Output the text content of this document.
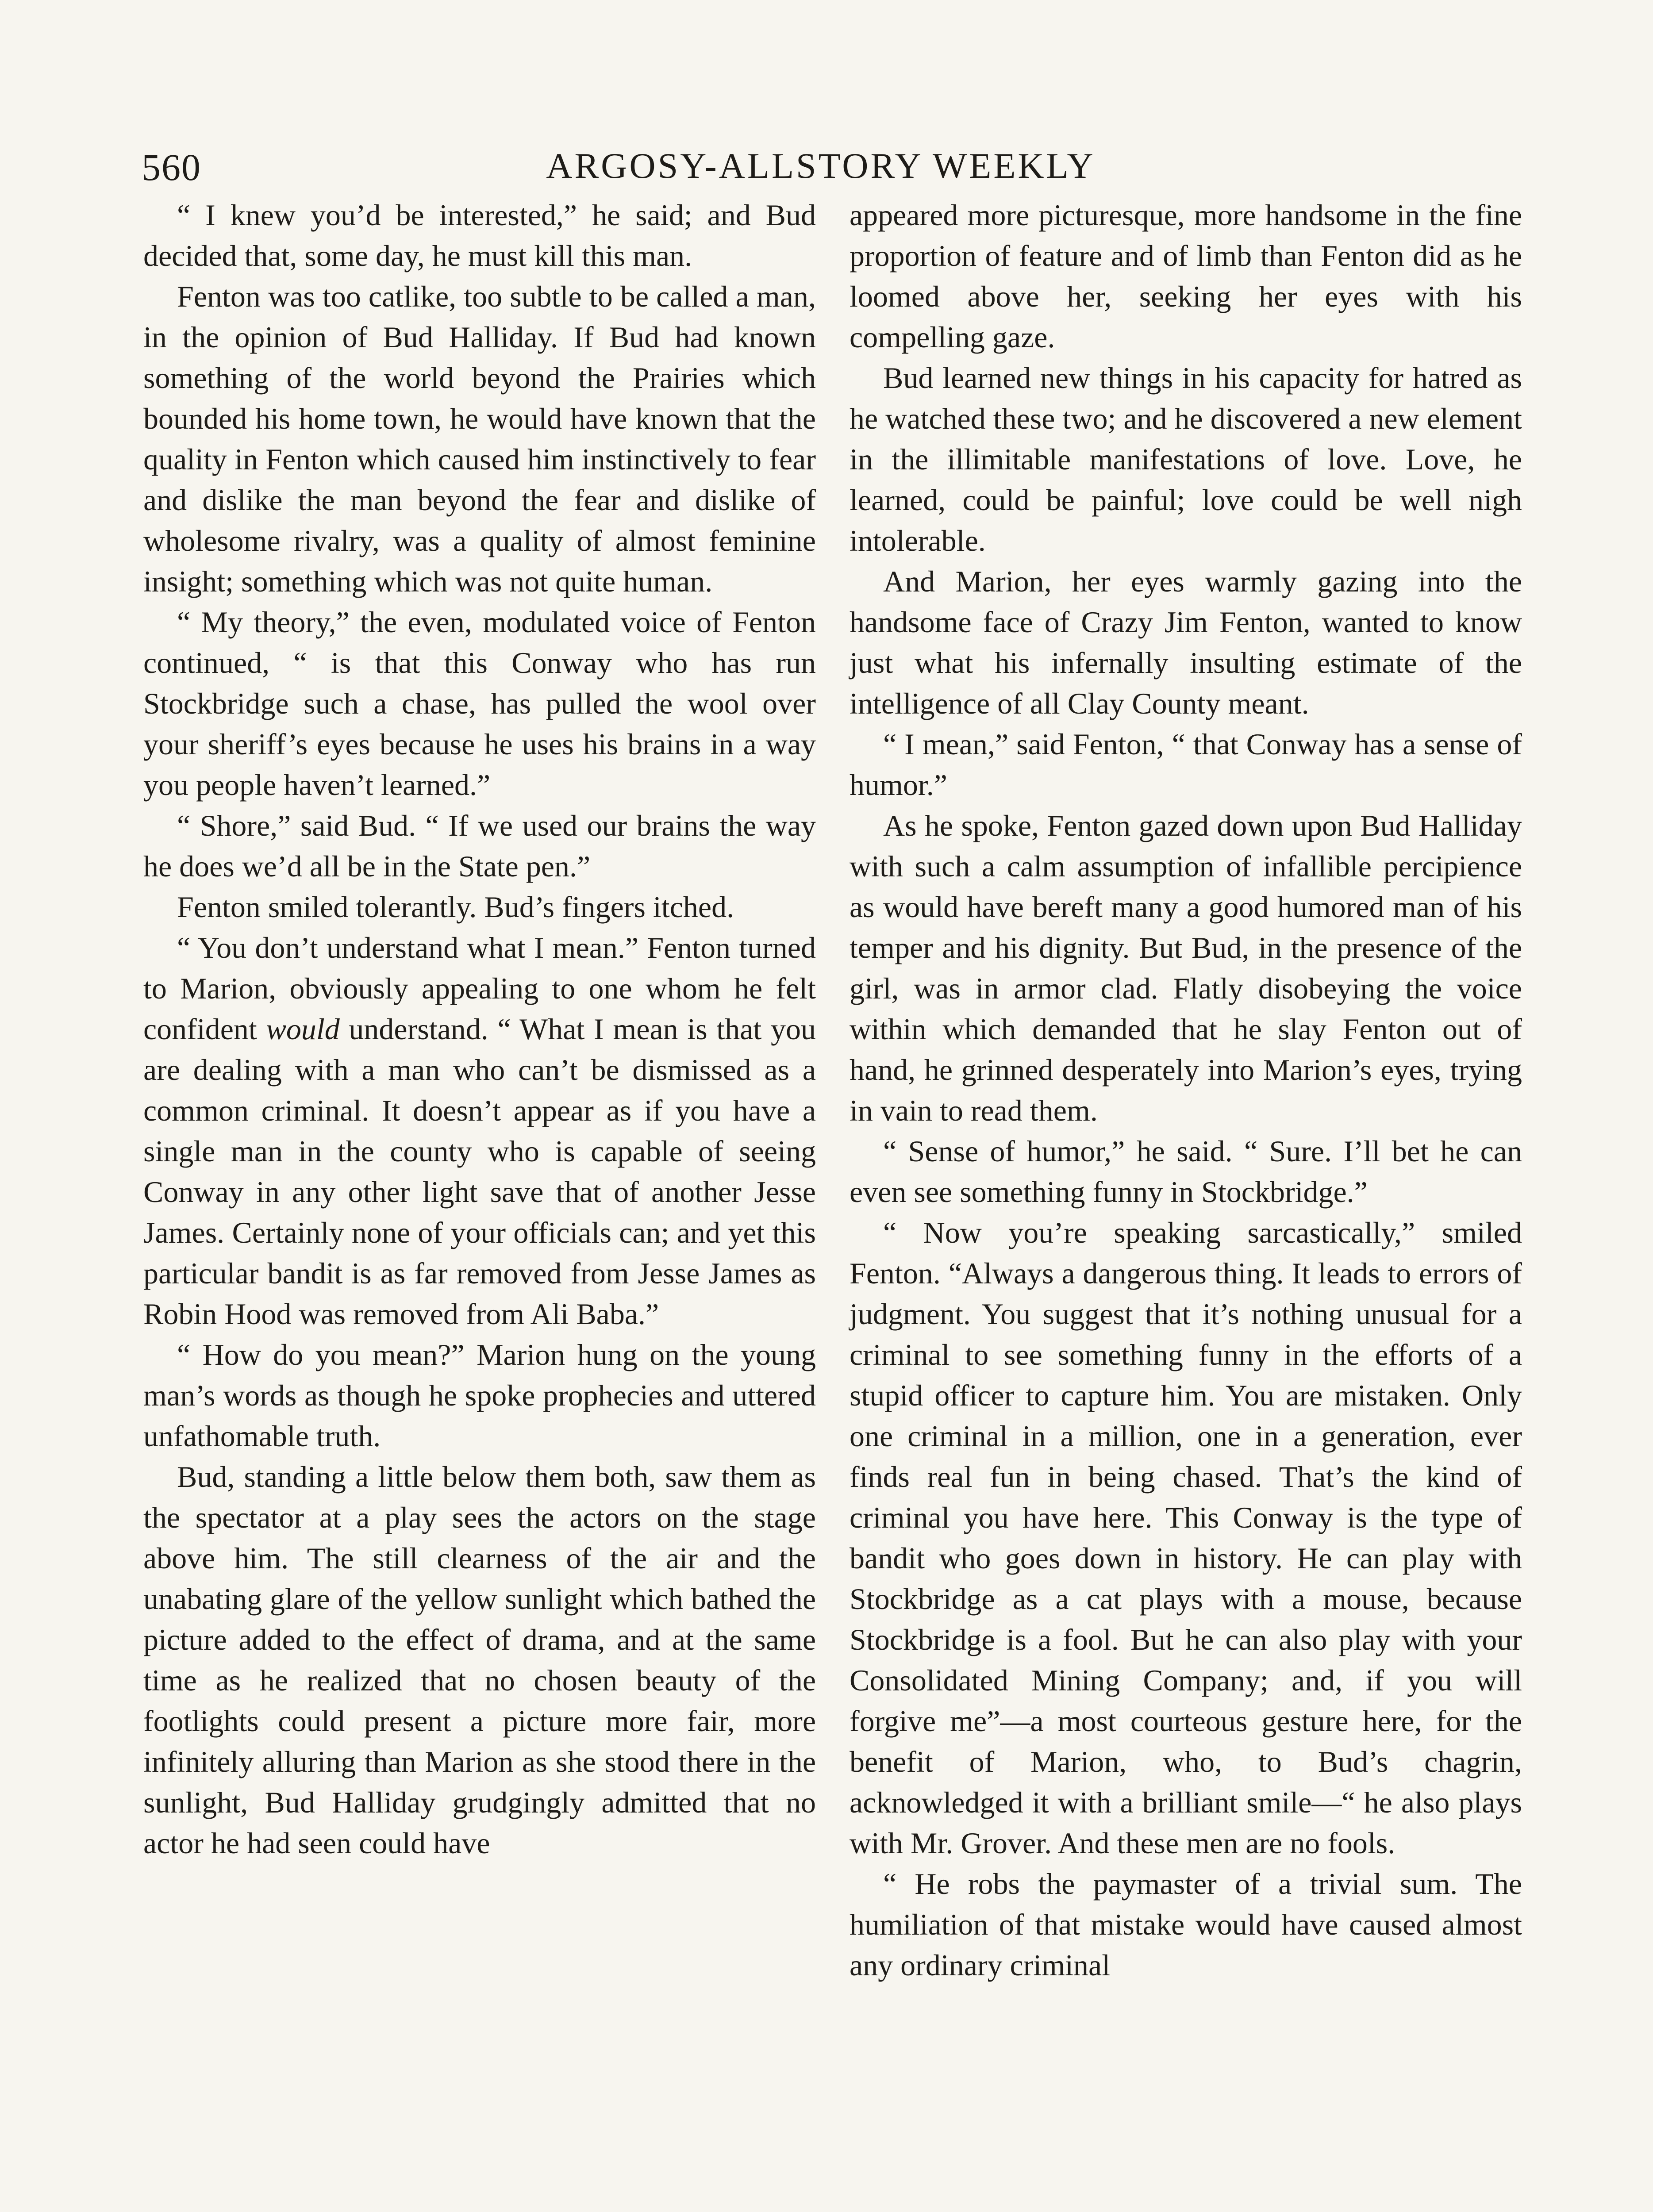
560	ARGOSY-ALLSTORY WEEKLY

“ I knew you’d be interested,” he said; and Bud decided that, some day, he must kill this man.

Fenton was too catlike, too subtle to be called a man, in the opinion of Bud Halliday. If Bud had known something of the world beyond the Prairies which bounded his home town, he would have known that the quality in Fenton which caused him instinctively to fear and dislike the man beyond the fear and dislike of wholesome rivalry, was a quality of almost feminine insight; something which was not quite human.

“ My theory,” the even, modulated voice of Fenton continued, “ is that this Conway who has run Stockbridge such a chase, has pulled the wool over your sheriff’s eyes because he uses his brains in a way you people haven’t learned.”

“ Shore,” said Bud. “ If we used our brains the way he does we’d all be in the State pen.”

Fenton smiled tolerantly. Bud’s fingers itched.

“ You don’t understand what I mean.” Fenton turned to Marion, obviously appealing to one whom he felt confident would understand. “ What I mean is that you are dealing with a man who can’t be dismissed as a common criminal. It doesn’t appear as if you have a single man in the county who is capable of seeing Conway in any other light save that of another Jesse James. Certainly none of your officials can; and yet this particular bandit is as far removed from Jesse James as Robin Hood was removed from Ali Baba.”

“ How do you mean?” Marion hung on the young man’s words as though he spoke prophecies and uttered unfathomable truth.

Bud, standing a little below them both, saw them as the spectator at a play sees the actors on the stage above him. The still clearness of the air and the unabating glare of the yellow sunlight which bathed the picture added to the effect of drama, and at the same time as he realized that no chosen beauty of the footlights could present a picture more fair, more infinitely alluring than Marion as she stood there in the sunlight, Bud Halliday grudgingly admitted that no actor he had seen could have

appeared more picturesque, more handsome in the fine proportion of feature and of limb than Fenton did as he loomed above her, seeking her eyes with his compelling gaze.

Bud learned new things in his capacity for hatred as he watched these two; and he discovered a new element in the illimitable manifestations of love. Love, he learned, could be painful; love could be well nigh intolerable.

And Marion, her eyes warmly gazing into the handsome face of Crazy Jim Fenton, wanted to know just what his infernally insulting estimate of the intelligence of all Clay County meant.

“ I mean,” said Fenton, “ that Conway has a sense of humor.”

As he spoke, Fenton gazed down upon Bud Halliday with such a calm assumption of infallible percipience as would have bereft many a good humored man of his temper and his dignity. But Bud, in the presence of the girl, was in armor clad. Flatly disobeying the voice within which demanded that he slay Fenton out of hand, he grinned desperately into Marion’s eyes, trying in vain to read them.

“ Sense of humor,” he said. “ Sure. I’ll bet he can even see something funny in Stockbridge.”

“ Now you’re speaking sarcastically,” smiled Fenton. “Always a dangerous thing. It leads to errors of judgment. You suggest that it’s nothing unusual for a criminal to see something funny in the efforts of a stupid officer to capture him. You are mistaken. Only one criminal in a million, one in a generation, ever finds real fun in being chased. That’s the kind of criminal you have here. This Conway is the type of bandit who goes down in history. He can play with Stockbridge as a cat plays with a mouse, because Stockbridge is a fool. But he can also play with your Consolidated Mining Company; and, if you will forgive me”—a most courteous gesture here, for the benefit of Marion, who, to Bud’s chagrin, acknowledged it with a brilliant smile—“ he also plays with Mr. Grover. And these men are no fools.

“ He robs the paymaster of a trivial sum. The humiliation of that mistake would have caused almost any ordinary criminal
